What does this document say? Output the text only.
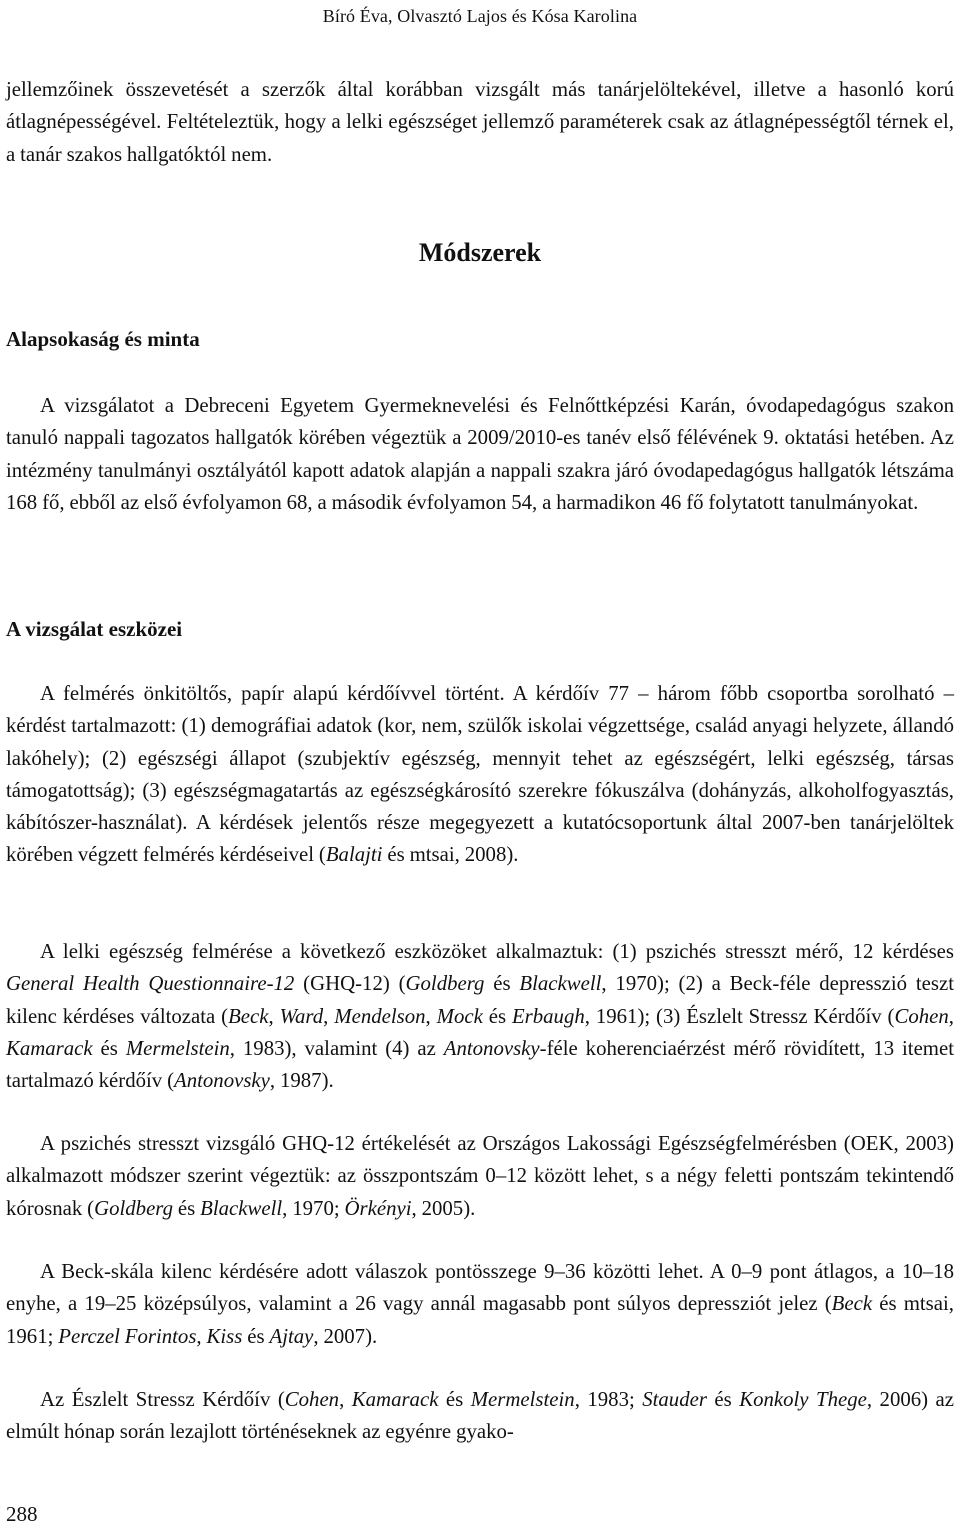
Bíró Éva, Olvasztó Lajos és Kósa Karolina
jellemzőinek összevetését a szerzők által korábban vizsgált más tanárjelöltekével, illetve a hasonló korú átlagnépességével. Feltételeztük, hogy a lelki egészséget jellemző paraméterek csak az átlagnépességtől térnek el, a tanár szakos hallgatóktól nem.
Módszerek
Alapsokaság és minta
A vizsgálatot a Debreceni Egyetem Gyermeknevelési és Felnőttképzési Karán, óvodapedagógus szakon tanuló nappali tagozatos hallgatók körében végeztük a 2009/2010-es tanév első félévének 9. oktatási hetében. Az intézmény tanulmányi osztályától kapott adatok alapján a nappali szakra járó óvodapedagógus hallgatók létszáma 168 fő, ebből az első évfolyamon 68, a második évfolyamon 54, a harmadikon 46 fő folytatott tanulmányokat.
A vizsgálat eszközei
A felmérés önkitöltős, papír alapú kérdőívvel történt. A kérdőív 77 – három főbb csoportba sorolható – kérdést tartalmazott: (1) demográfiai adatok (kor, nem, szülők iskolai végzettsége, család anyagi helyzete, állandó lakóhely); (2) egészségi állapot (szubjektív egészség, mennyit tehet az egészségért, lelki egészség, társas támogatottság); (3) egészségmagatartás az egészségkárosító szerekre fókuszálva (dohányzás, alkoholfogyasztás, kábítószer-használat). A kérdések jelentős része megegyezett a kutatócsoportunk által 2007-ben tanárjelöltek körében végzett felmérés kérdéseivel (Balajti és mtsai, 2008).
A lelki egészség felmérése a következő eszközöket alkalmaztuk: (1) pszichés stresszt mérő, 12 kérdéses General Health Questionnaire-12 (GHQ-12) (Goldberg és Blackwell, 1970); (2) a Beck-féle depresszió teszt kilenc kérdéses változata (Beck, Ward, Mendelson, Mock és Erbaugh, 1961); (3) Észlelt Stressz Kérdőív (Cohen, Kamarack és Mermelstein, 1983), valamint (4) az Antonovsky-féle koherenciaérzést mérő rövidített, 13 itemet tartalmazó kérdőív (Antonovsky, 1987).
A pszichés stresszt vizsgáló GHQ-12 értékelését az Országos Lakossági Egészségfelmérésben (OEK, 2003) alkalmazott módszer szerint végeztük: az összpontszám 0–12 között lehet, s a négy feletti pontszám tekintendő kórosnak (Goldberg és Blackwell, 1970; Örkényi, 2005).
A Beck-skála kilenc kérdésére adott válaszok pontösszege 9–36 közötti lehet. A 0–9 pont átlagos, a 10–18 enyhe, a 19–25 középsúlyos, valamint a 26 vagy annál magasabb pont súlyos depressziót jelez (Beck és mtsai, 1961; Perczel Forintos, Kiss és Ajtay, 2007).
Az Észlelt Stressz Kérdőív (Cohen, Kamarack és Mermelstein, 1983; Stauder és Konkoly Thege, 2006) az elmúlt hónap során lezajlott történéseknek az egyénre gyako-
288
